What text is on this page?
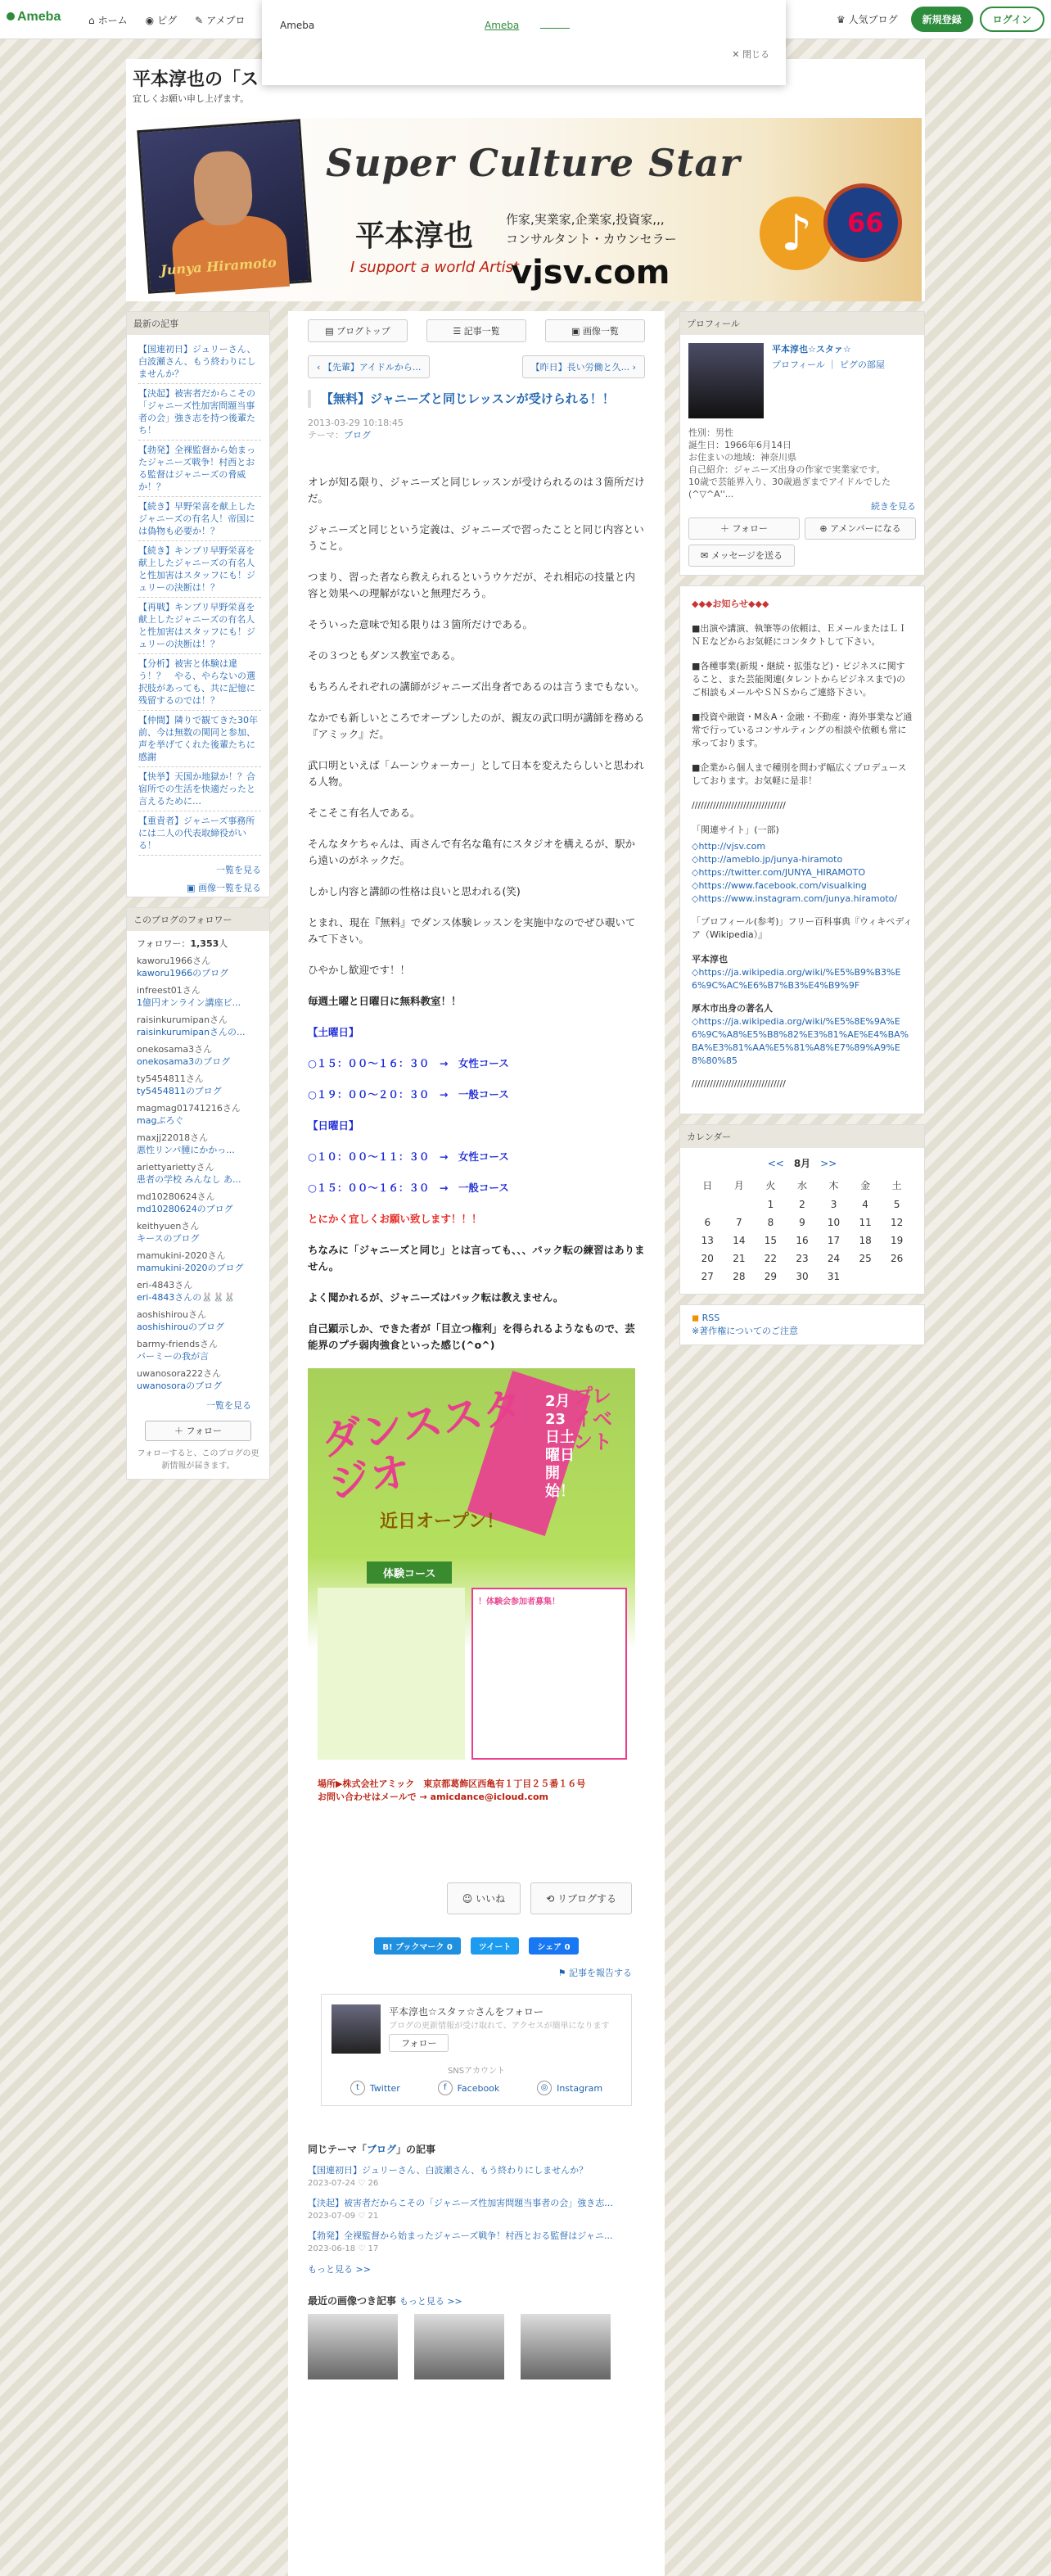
Ameba	⌂ ホーム ◉ ピグ ✎ アメブロ	♛ 人気ブログ	新規登録	ログイン
Ameba	Ameba
✕ 閉じる
平本淳也の「ス
宜しくお願い申し上げます。
Junya Hiramoto
Super Culture Star
平本淳也	作家,実業家,企業家,投資家,,,
コンサルタント・カウンセラー
I support a world Artist
vjsv.com
♪	66
最新の記事
【国連初日】ジュリーさん、白波瀬さん、もう終わりにしませんか？
【決起】被害者だからこその「ジャニーズ性加害問題当事者の会」強き志を持つ後輩たち！
【勃発】全裸監督から始まったジャニーズ戦争！村西とおる監督はジャニーズの脅威か！？
【続き】早野栄喜を献上したジャニーズの有名人！帝国には偽物も必要か！？
【続き】キンプリ早野栄喜を献上したジャニーズの有名人と性加害はスタッフにも！ジュリーの決断は！？
【再戦】キンプリ早野栄喜を献上したジャニーズの有名人と性加害はスタッフにも！ジュリーの決断は！？
【分析】被害と体験は違う！？　やる、やらないの選択肢があっても、共に記憶に残留するのでは！？
【仲間】隣りで観てきた30年前、今は無数の関同と参加、声を挙げてくれた後輩たちに感謝
【快挙】天国か地獄か！？合宿所での生活を快適だったと言えるために…
【重責者】ジャニーズ事務所には二人の代表取締役がいる！
一覧を見る
▣ 画像一覧を見る
このブログのフォロワー
フォロワー：1,353人
kaworu1966さん
kaworu1966のブログ
infreest01さん
1億円オンライン講座ビ...
raisinkurumipanさん
raisinkurumipanさんの...
onekosama3さん
onekosama3のブログ
ty5454811さん
ty5454811のブログ
magmag01741216さん
magぷろぐ
maxjj22018さん
悪性リンパ腫にかかっ...
ariettyariettyさん
患者の学校 みんなし あ...
md10280624さん
md10280624のブログ
keithyuenさん
キースのブログ
mamukini-2020さん
mamukini-2020のブログ
eri-4843さん
eri-4843さんの🐰🐰🐰
aoshishirouさん
aoshishirouのブログ
barmy-friendsさん
バーミーの我が言
uwanosora222さん
uwanosoraのブログ
一覧を見る
＋ フォロー
フォローすると、このブログの更新情報が届きます。
▤ ブログトップ	☰ 記事一覧	▣ 画像一覧
‹ 【先輩】アイドルから...	【昨日】長い労働と久... ›
【無料】ジャニーズと同じレッスンが受けられる！！
2013-03-29 10:18:45
テーマ：ブログ

オレが知る限り、ジャニーズと同じレッスンが受けられるのは３箇所だけだ。

ジャニーズと同じという定義は、ジャニーズで習ったことと同じ内容ということ。

つまり、習った者なら教えられるというウケだが、それ相応の技量と内容と効果への理解がないと無理だろう。

そういった意味で知る限りは３箇所だけである。

その３つともダンス教室である。

もちろんそれぞれの講師がジャニーズ出身者であるのは言うまでもない。

なかでも新しいところでオープンしたのが、親友の武口明が講師を務める『アミック』だ。

武口明といえば「ムーンウォーカー」として日本を変えたらしいと思われる人物。

そこそこ有名人である。

そんなタケちゃんは、両さんで有名な亀有にスタジオを構えるが、駅から遠いのがネックだ。

しかし内容と講師の性格は良いと思われる(笑)

とまれ、現在『無料』でダンス体験レッスンを実施中なのでぜひ覗いてみて下さい。

ひやかし歓迎です！！

毎週土曜と日曜日に無料教室！！

【土曜日】

○１５：００～１６：３０　→　女性コース

○１９：００～２０：３０　→　一般コース

【日曜日】

○１０：００～１１：３０　→　女性コース

○１５：００～１６：３０　→　一般コース

とにかく宜しくお願い致します！！！

ちなみに「ジャニーズと同じ」とは言っても、、、バック転の練習はありません。

よく聞かれるが、ジャニーズはバック転は教えません。

自己顕示しか、できた者が「目立つ権利」を得られるようなもので、芸能界のプチ弱肉強食といった感じ(^o^)

ダンススタジオ
プレイベント
近日オープン！
2月23日土曜日開始！
体験コース
！体験会参加者募集！
場所▶株式会社アミック　東京都葛飾区西亀有１丁目２５番１６号
お問い合わせはメールで → amicdance@icloud.com
☺ いいね	⟲ リブログする
B! ブックマーク 0	ツイート	シェア 0
⚑ 記事を報告する
平本淳也☆スタァ☆さんをフォロー
ブログの更新情報が受け取れて、アクセスが簡単になります
フォロー
SNSアカウント
t	Twitter	f	Facebook	◎ Instagram
同じテーマ「ブログ」の記事
【国連初日】ジュリーさん、白波瀬さん、もう終わりにしませんか？
2023-07-24 ♡ 26
【決起】被害者だからこその「ジャニーズ性加害問題当事者の会」強き志...
2023-07-09 ♡ 21
【勃発】全裸監督から始まったジャニーズ戦争！村西とおる監督はジャニ...
2023-06-18 ♡ 17
もっと見る >>
最近の画像つき記事 もっと見る >>
プロフィール
平本淳也☆スタァ☆
プロフィール ｜ ピグの部屋

性別：男性

誕生日：1966年6月14日

お住まいの地域：神奈川県

自己紹介：ジャニーズ出身の作家で実業家です。

10歳で芸能界入り、30歳過ぎまでアイドルでした(^▽^A''...

続きを見る

＋ フォロー	⊕ アメンバーになる
✉ メッセージを送る
◆◆◆お知らせ◆◆◆

■出演や講演、執筆等の依頼は、ＥメールまたはＬＩＮＥなどからお気軽にコンタクトして下さい。

■各種事業(新規・継続・拡張など)・ビジネスに関すること、また芸能関連(タレントからビジネスまで)のご相談もメールやＳＮＳからご連絡下さい。

■投資や融資・M＆A・金融・不動産・海外事業など通常で行っているコンサルティングの相談や依頼も常に承っております。

■企業から個人まで種別を問わず幅広くプロデュースしております。お気軽に是非！

///////////////////////////////

「関連サイト」(一部)

◇http://vjsv.com
◇http://ameblo.jp/junya-hiramoto
◇https://twitter.com/JUNYA_HIRAMOTO
◇https://www.facebook.com/visualking
◇https://www.instagram.com/junya.hiramoto/

「プロフィール(参考)」フリー百科事典『ウィキペディア（Wikipedia）』

平本淳也
◇https://ja.wikipedia.org/wiki/%E5%B9%B3%E6%9C%AC%E6%B7%B3%E4%B9%9F
厚木市出身の著名人
◇https://ja.wikipedia.org/wiki/%E5%8E%9A%E6%9C%A8%E5%B8%82%E3%81%AE%E4%BA%BA%E3%81%AA%E5%81%A8%E7%89%A9%E8%80%85

///////////////////////////////

カレンダー
<<　 8月　 >>
日	月	火	水	木	金	土
		1	2	3	4	5
6	7	8	9	10	11	12
13	14	15	16	17	18	19
20	21	22	23	24	25	26
27	28	29	30	31		
◼ RSS
※著作権についてのご注意
